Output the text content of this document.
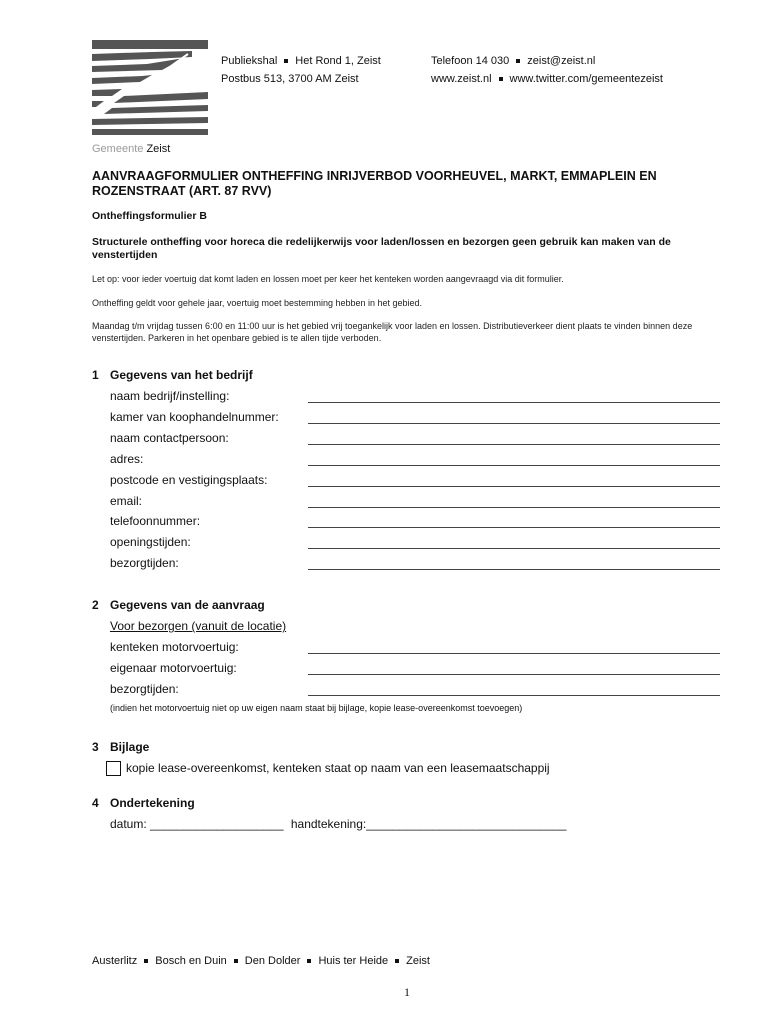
Gemeente Zeist
Publiekshal Het Rond 1, Zeist
Postbus 513, 3700 AM Zeist
Telefoon 14 030 zeist@zeist.nl
www.zeist.nl www.twitter.com/gemeentezeist
AANVRAAGFORMULIER ONTHEFFING INRIJVERBOD VOORHEUVEL, MARKT, EMMAPLEIN EN ROZENSTRAAT (ART. 87 RVV)
Ontheffingsformulier B
Structurele ontheffing voor horeca die redelijkerwijs voor laden/lossen en bezorgen geen gebruik kan maken van de venstertijden
Let op: voor ieder voertuig dat komt laden en lossen moet per keer het kenteken worden aangevraagd via dit formulier.
Ontheffing geldt voor gehele jaar, voertuig moet bestemming hebben in het gebied.
Maandag t/m vrijdag tussen 6:00 en 11:00 uur is het gebied vrij toegankelijk voor laden en lossen. Distributieverkeer dient plaats te vinden binnen deze venstertijden. Parkeren in het openbare gebied is te allen tijde verboden.
1 Gegevens van het bedrijf
naam bedrijf/instelling:
kamer van koophandelnummer:
naam contactpersoon:
adres:
postcode en vestigingsplaats:
email:
telefoonnummer:
openingstijden:
bezorgtijden:
2 Gegevens van de aanvraag
Voor bezorgen (vanuit de locatie)
kenteken motorvoertuig:
eigenaar motorvoertuig:
bezorgtijden:
(indien het motorvoertuig niet op uw eigen naam staat bij bijlage, kopie lease-overeenkomst toevoegen)
3 Bijlage
kopie lease-overeenkomst, kenteken staat op naam van een leasemaatschappij
4 Ondertekening
datum: ____________________ handtekening:______________________________
Austerlitz Bosch en Duin Den Dolder Huis ter Heide Zeist
1
